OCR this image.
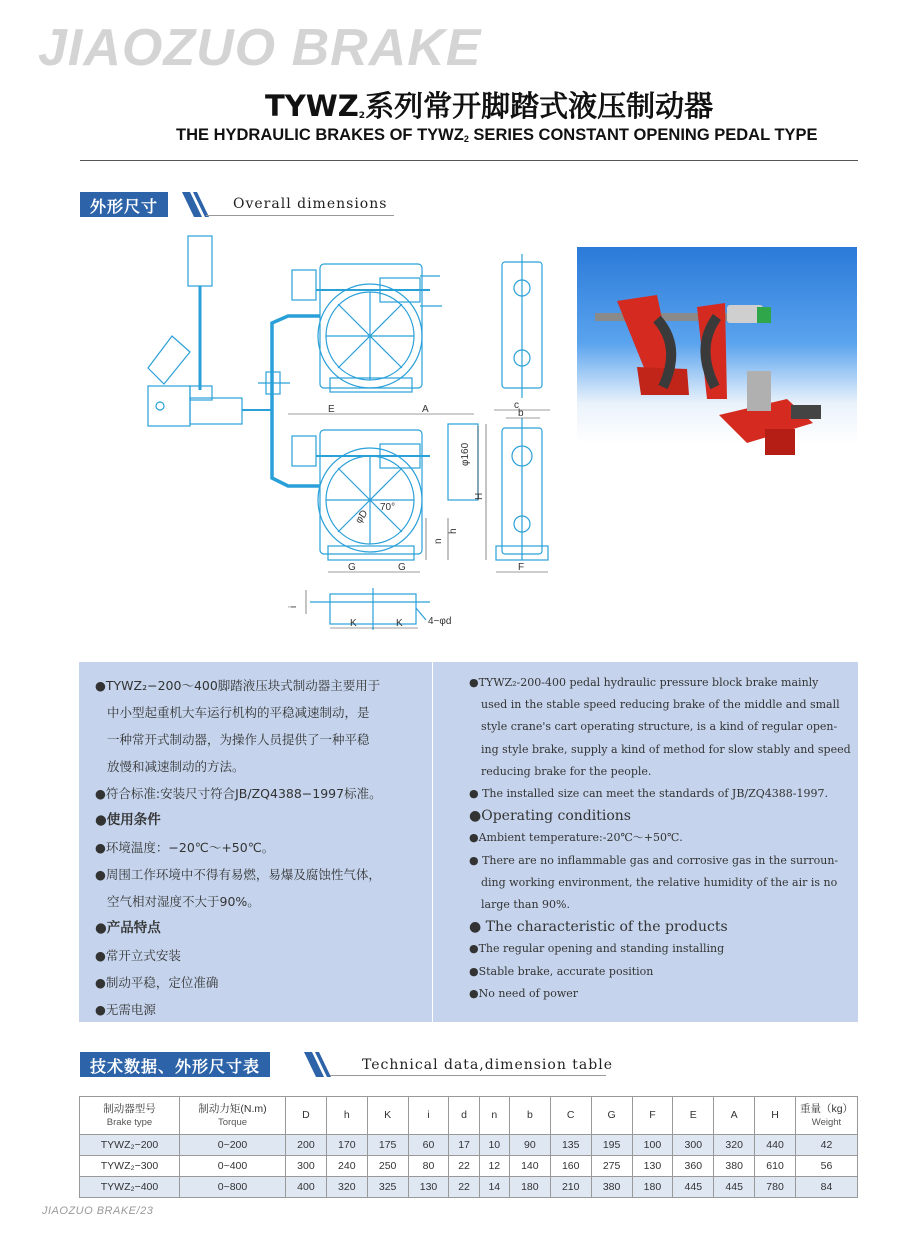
JIAOZUO BRAKE
$TYWZ_2$系列常开脚踏式液压制动器
THE HYDRAULIC BRAKES OF $TYWZ_2$ SERIES CONSTANT OPENING PEDAL TYPE
外形尺寸	Overall dimensions
E	A	c
b
φ160
H
φD
70°
n
h
G	G	F
K	K
i
4−φd
●TYWZ₂−200～400脚踏液压块式制动器主要用于
中小型起重机大车运行机构的平稳减速制动，是
一种常开式制动器，为操作人员提供了一种平稳
放慢和减速制动的方法。
●符合标准:安装尺寸符合JB/ZQ4388−1997标准。
●使用条件
●环境温度：−20℃～+50℃。
●周围工作环境中不得有易燃，易爆及腐蚀性气体，
空气相对湿度不大于90%。
●产品特点
●常开立式安装
●制动平稳，定位准确
●无需电源
●TYWZ₂-200-400 pedal hydraulic pressure block brake mainly
used in the stable speed reducing brake of the middle and small
style crane's cart operating structure, is a kind of regular open-
ing style brake, supply a kind of method for slow stably and speed
reducing brake for the people.
● The installed size can meet the standards of JB/ZQ4388-1997.
●Operating conditions
●Ambient temperature:-20℃～+50℃.
● There are no inflammable gas and corrosive gas in the surroun-
ding working environment, the relative humidity of the air is no
large than 90%.
● The characteristic of the products
●The regular opening and standing installing
●Stable brake, accurate position
●No need of power
技术数据、外形尺寸表	Technical data,dimension table
制动器型号
Brake type	制动力矩(N.m)
Torque	D	h	K	i	d	n	b	C	G	F	E	A	H	重量（kg）
Weight

TYWZ₂−200	0~200	200	170	175	60	17	10	90	135	195	100	300	320	440	42
TYWZ₂−300	0~400	300	240	250	80	22	12	140	160	275	130	360	380	610	56
TYWZ₂−400	0~800	400	320	325	130	22	14	180	210	380	180	445	445	780	84
JIAOZUO BRAKE/23
